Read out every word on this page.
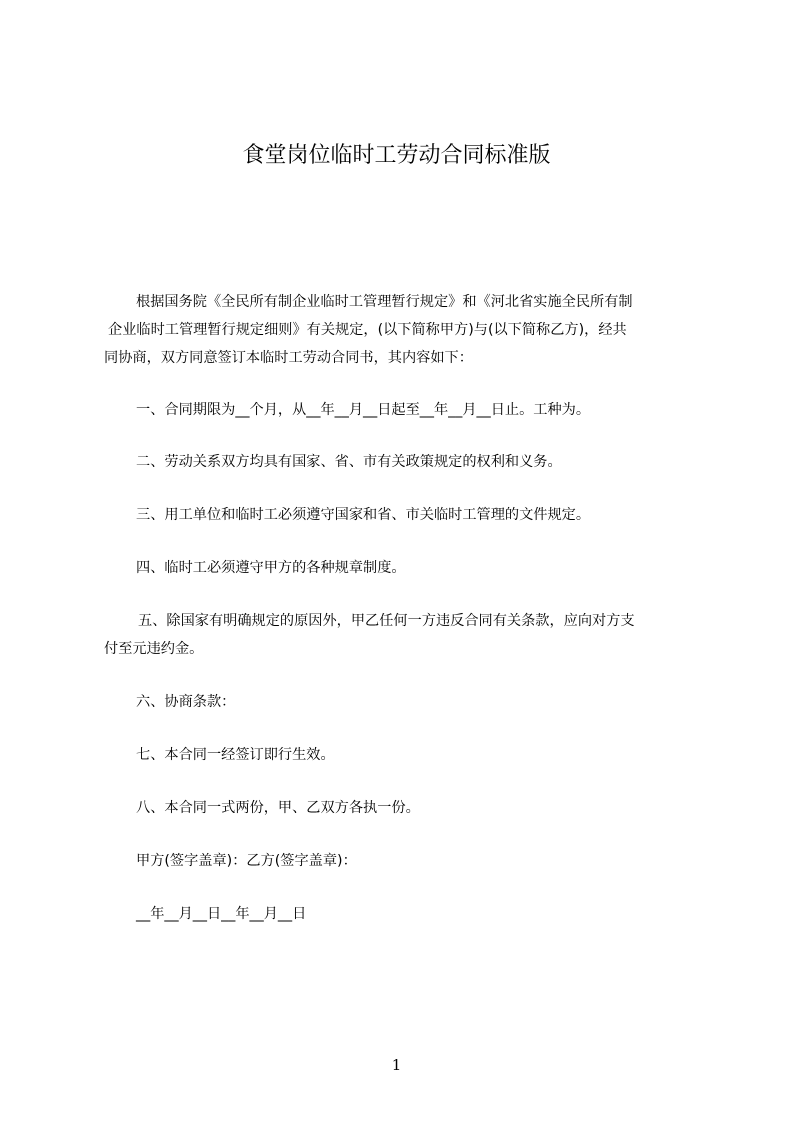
食堂岗位临时工劳动合同标准版
根据国务院《全民所有制企业临时工管理暂行规定》和《河北省实施全民所有制
企业临时工管理暂行规定细则》有关规定，(以下简称甲方)与(以下简称乙方)，经共
同协商，双方同意签订本临时工劳动合同书，其内容如下：
一、合同期限为__个月，从__年__月__日起至__年__月__日止。工种为。
二、劳动关系双方均具有国家、省、市有关政策规定的权利和义务。
三、用工单位和临时工必须遵守国家和省、市关临时工管理的文件规定。
四、临时工必须遵守甲方的各种规章制度。
五、除国家有明确规定的原因外，甲乙任何一方违反合同有关条款，应向对方支
付至元违约金。
六、协商条款：
七、本合同一经签订即行生效。
八、本合同一式两份，甲、乙双方各执一份。
甲方(签字盖章)：乙方(签字盖章)：
__年__月__日__年__月__日
1
